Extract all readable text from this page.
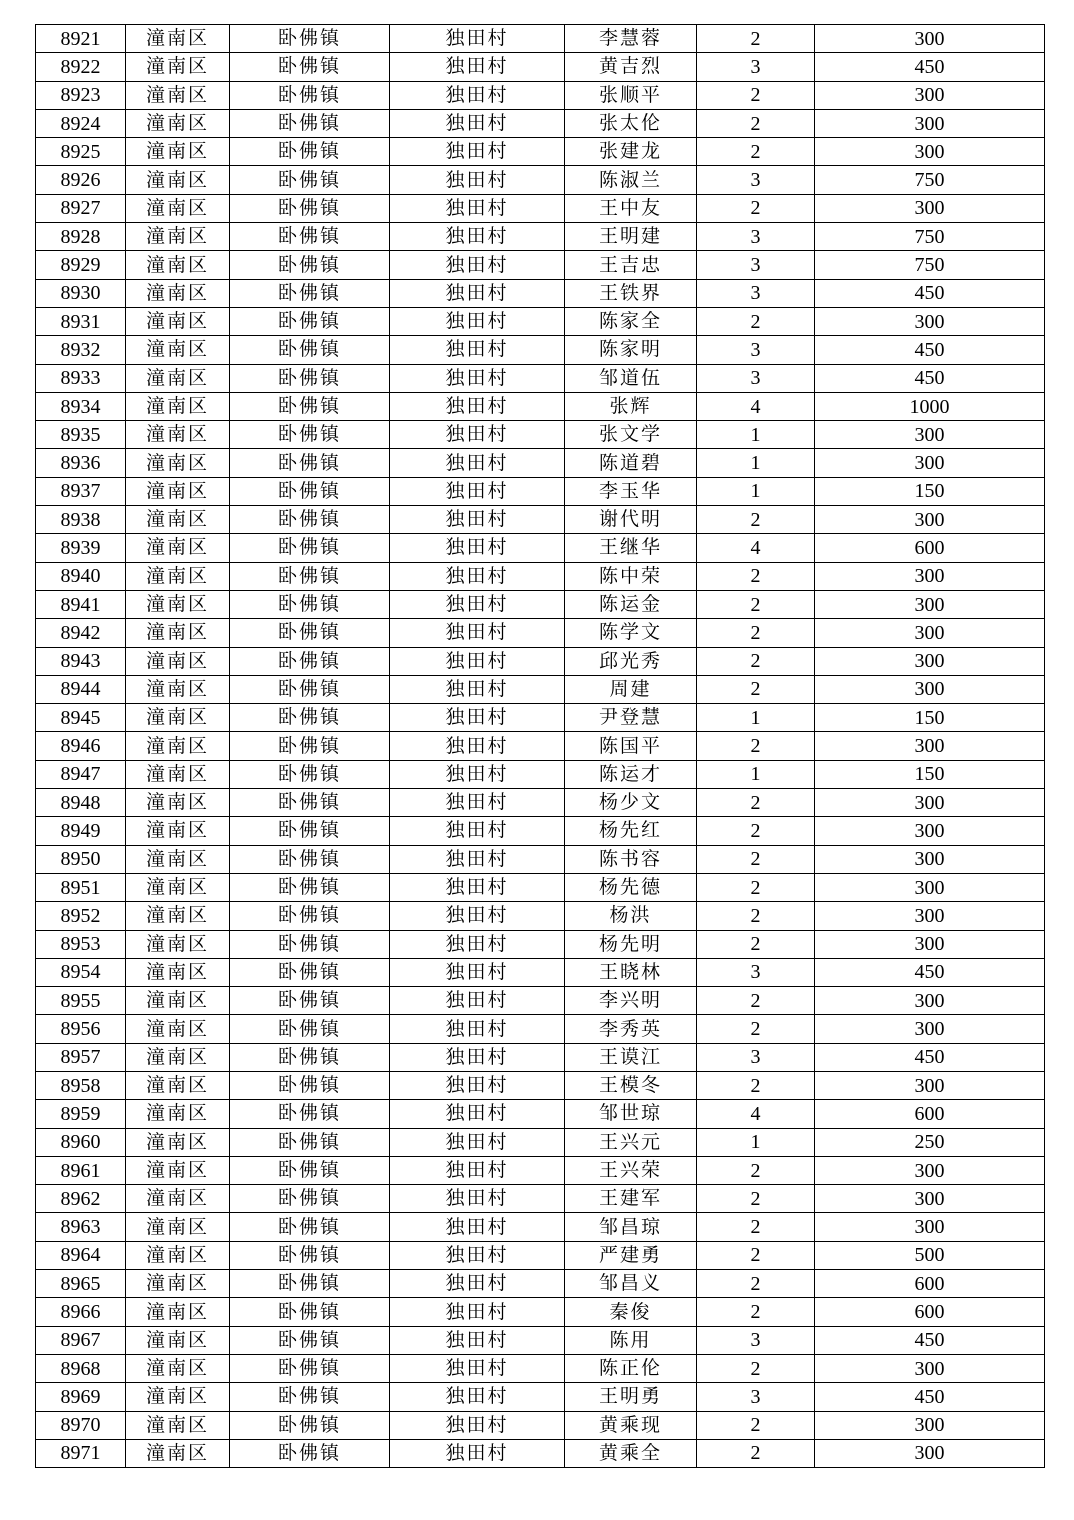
8921	潼南区	卧佛镇	独田村	李慧蓉	2	300
8922	潼南区	卧佛镇	独田村	黄吉烈	3	450
8923	潼南区	卧佛镇	独田村	张顺平	2	300
8924	潼南区	卧佛镇	独田村	张太伦	2	300
8925	潼南区	卧佛镇	独田村	张建龙	2	300
8926	潼南区	卧佛镇	独田村	陈淑兰	3	750
8927	潼南区	卧佛镇	独田村	王中友	2	300
8928	潼南区	卧佛镇	独田村	王明建	3	750
8929	潼南区	卧佛镇	独田村	王吉忠	3	750
8930	潼南区	卧佛镇	独田村	王铁界	3	450
8931	潼南区	卧佛镇	独田村	陈家全	2	300
8932	潼南区	卧佛镇	独田村	陈家明	3	450
8933	潼南区	卧佛镇	独田村	邹道伍	3	450
8934	潼南区	卧佛镇	独田村	张辉	4	1000
8935	潼南区	卧佛镇	独田村	张文学	1	300
8936	潼南区	卧佛镇	独田村	陈道碧	1	300
8937	潼南区	卧佛镇	独田村	李玉华	1	150
8938	潼南区	卧佛镇	独田村	谢代明	2	300
8939	潼南区	卧佛镇	独田村	王继华	4	600
8940	潼南区	卧佛镇	独田村	陈中荣	2	300
8941	潼南区	卧佛镇	独田村	陈运金	2	300
8942	潼南区	卧佛镇	独田村	陈学文	2	300
8943	潼南区	卧佛镇	独田村	邱光秀	2	300
8944	潼南区	卧佛镇	独田村	周建	2	300
8945	潼南区	卧佛镇	独田村	尹登慧	1	150
8946	潼南区	卧佛镇	独田村	陈国平	2	300
8947	潼南区	卧佛镇	独田村	陈运才	1	150
8948	潼南区	卧佛镇	独田村	杨少文	2	300
8949	潼南区	卧佛镇	独田村	杨先红	2	300
8950	潼南区	卧佛镇	独田村	陈书容	2	300
8951	潼南区	卧佛镇	独田村	杨先德	2	300
8952	潼南区	卧佛镇	独田村	杨洪	2	300
8953	潼南区	卧佛镇	独田村	杨先明	2	300
8954	潼南区	卧佛镇	独田村	王晓林	3	450
8955	潼南区	卧佛镇	独田村	李兴明	2	300
8956	潼南区	卧佛镇	独田村	李秀英	2	300
8957	潼南区	卧佛镇	独田村	王谟江	3	450
8958	潼南区	卧佛镇	独田村	王模冬	2	300
8959	潼南区	卧佛镇	独田村	邹世琼	4	600
8960	潼南区	卧佛镇	独田村	王兴元	1	250
8961	潼南区	卧佛镇	独田村	王兴荣	2	300
8962	潼南区	卧佛镇	独田村	王建军	2	300
8963	潼南区	卧佛镇	独田村	邹昌琼	2	300
8964	潼南区	卧佛镇	独田村	严建勇	2	500
8965	潼南区	卧佛镇	独田村	邹昌义	2	600
8966	潼南区	卧佛镇	独田村	秦俊	2	600
8967	潼南区	卧佛镇	独田村	陈用	3	450
8968	潼南区	卧佛镇	独田村	陈正伦	2	300
8969	潼南区	卧佛镇	独田村	王明勇	3	450
8970	潼南区	卧佛镇	独田村	黄乘现	2	300
8971	潼南区	卧佛镇	独田村	黄乘全	2	300
